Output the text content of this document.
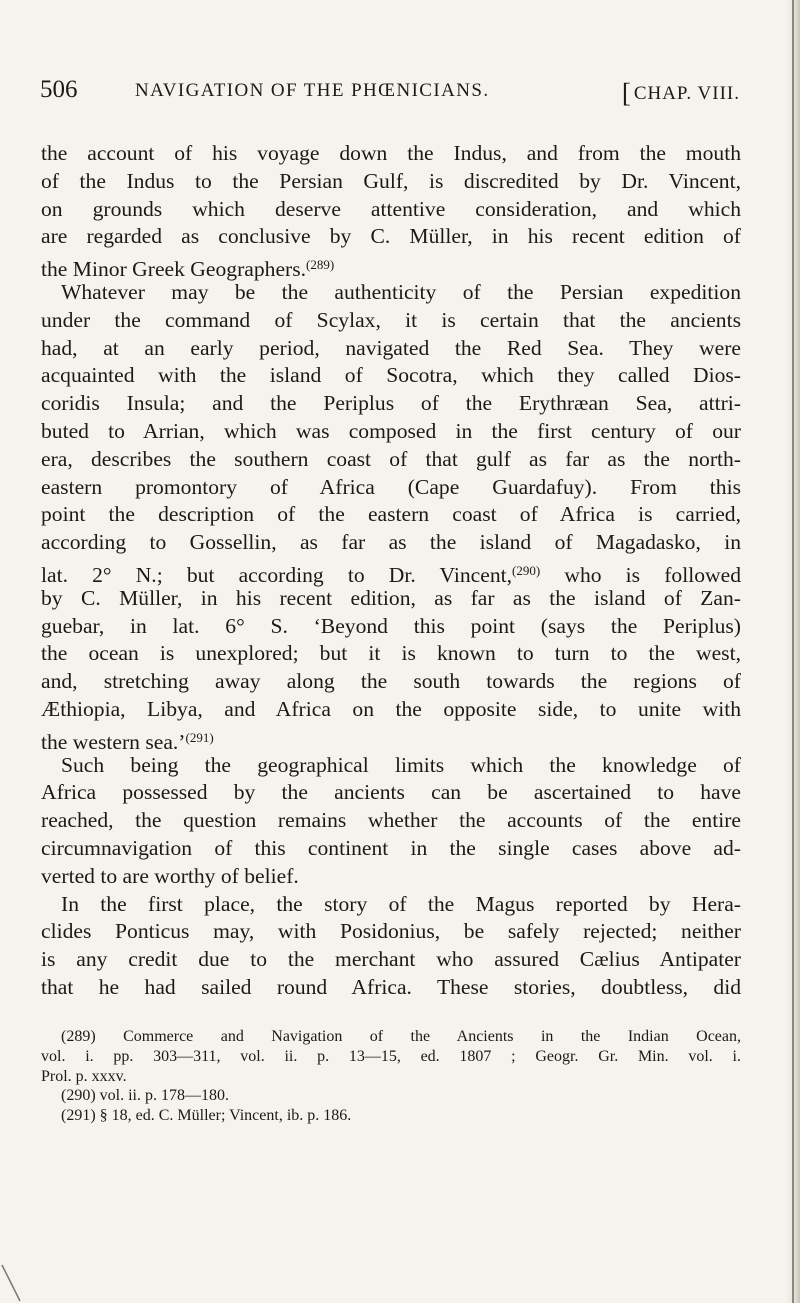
506	NAVIGATION OF THE PHŒNICIANS.	[ CHAP. VIII.
the account of his voyage down the Indus, and from the mouth
of the Indus to the Persian Gulf, is discredited by Dr. Vincent,
on grounds which deserve attentive consideration, and which
are regarded as conclusive by C. Müller, in his recent edition of
the Minor Greek Geographers.$^{(289)}$
Whatever may be the authenticity of the Persian expedition
under the command of Scylax, it is certain that the ancients
had, at an early period, navigated the Red Sea. They were
acquainted with the island of Socotra, which they called Dios-
coridis Insula; and the Periplus of the Erythræan Sea, attri-
buted to Arrian, which was composed in the first century of our
era, describes the southern coast of that gulf as far as the north-
eastern promontory of Africa (Cape Guardafuy). From this
point the description of the eastern coast of Africa is carried,
according to Gossellin, as far as the island of Magadasko, in
lat. 2° N.; but according to Dr. Vincent,$^{(290)}$ who is followed
by C. Müller, in his recent edition, as far as the island of Zan-
guebar, in lat. 6° S. ‘Beyond this point (says the Periplus)
the ocean is unexplored; but it is known to turn to the west,
and, stretching away along the south towards the regions of
Æthiopia, Libya, and Africa on the opposite side, to unite with
the western sea.’$^{(291)}$
Such being the geographical limits which the knowledge of
Africa possessed by the ancients can be ascertained to have
reached, the question remains whether the accounts of the entire
circumnavigation of this continent in the single cases above ad-
verted to are worthy of belief.
In the first place, the story of the Magus reported by Hera-
clides Ponticus may, with Posidonius, be safely rejected; neither
is any credit due to the merchant who assured Cælius Antipater
that he had sailed round Africa. These stories, doubtless, did
(289) Commerce and Navigation of the Ancients in the Indian Ocean,
vol. i. pp. 303—311, vol. ii. p. 13—15, ed. 1807 ; Geogr. Gr. Min. vol. i.
Prol. p. xxxv.
(290) vol. ii. p. 178—180.
(291) § 18, ed. C. Müller; Vincent, ib. p. 186.
